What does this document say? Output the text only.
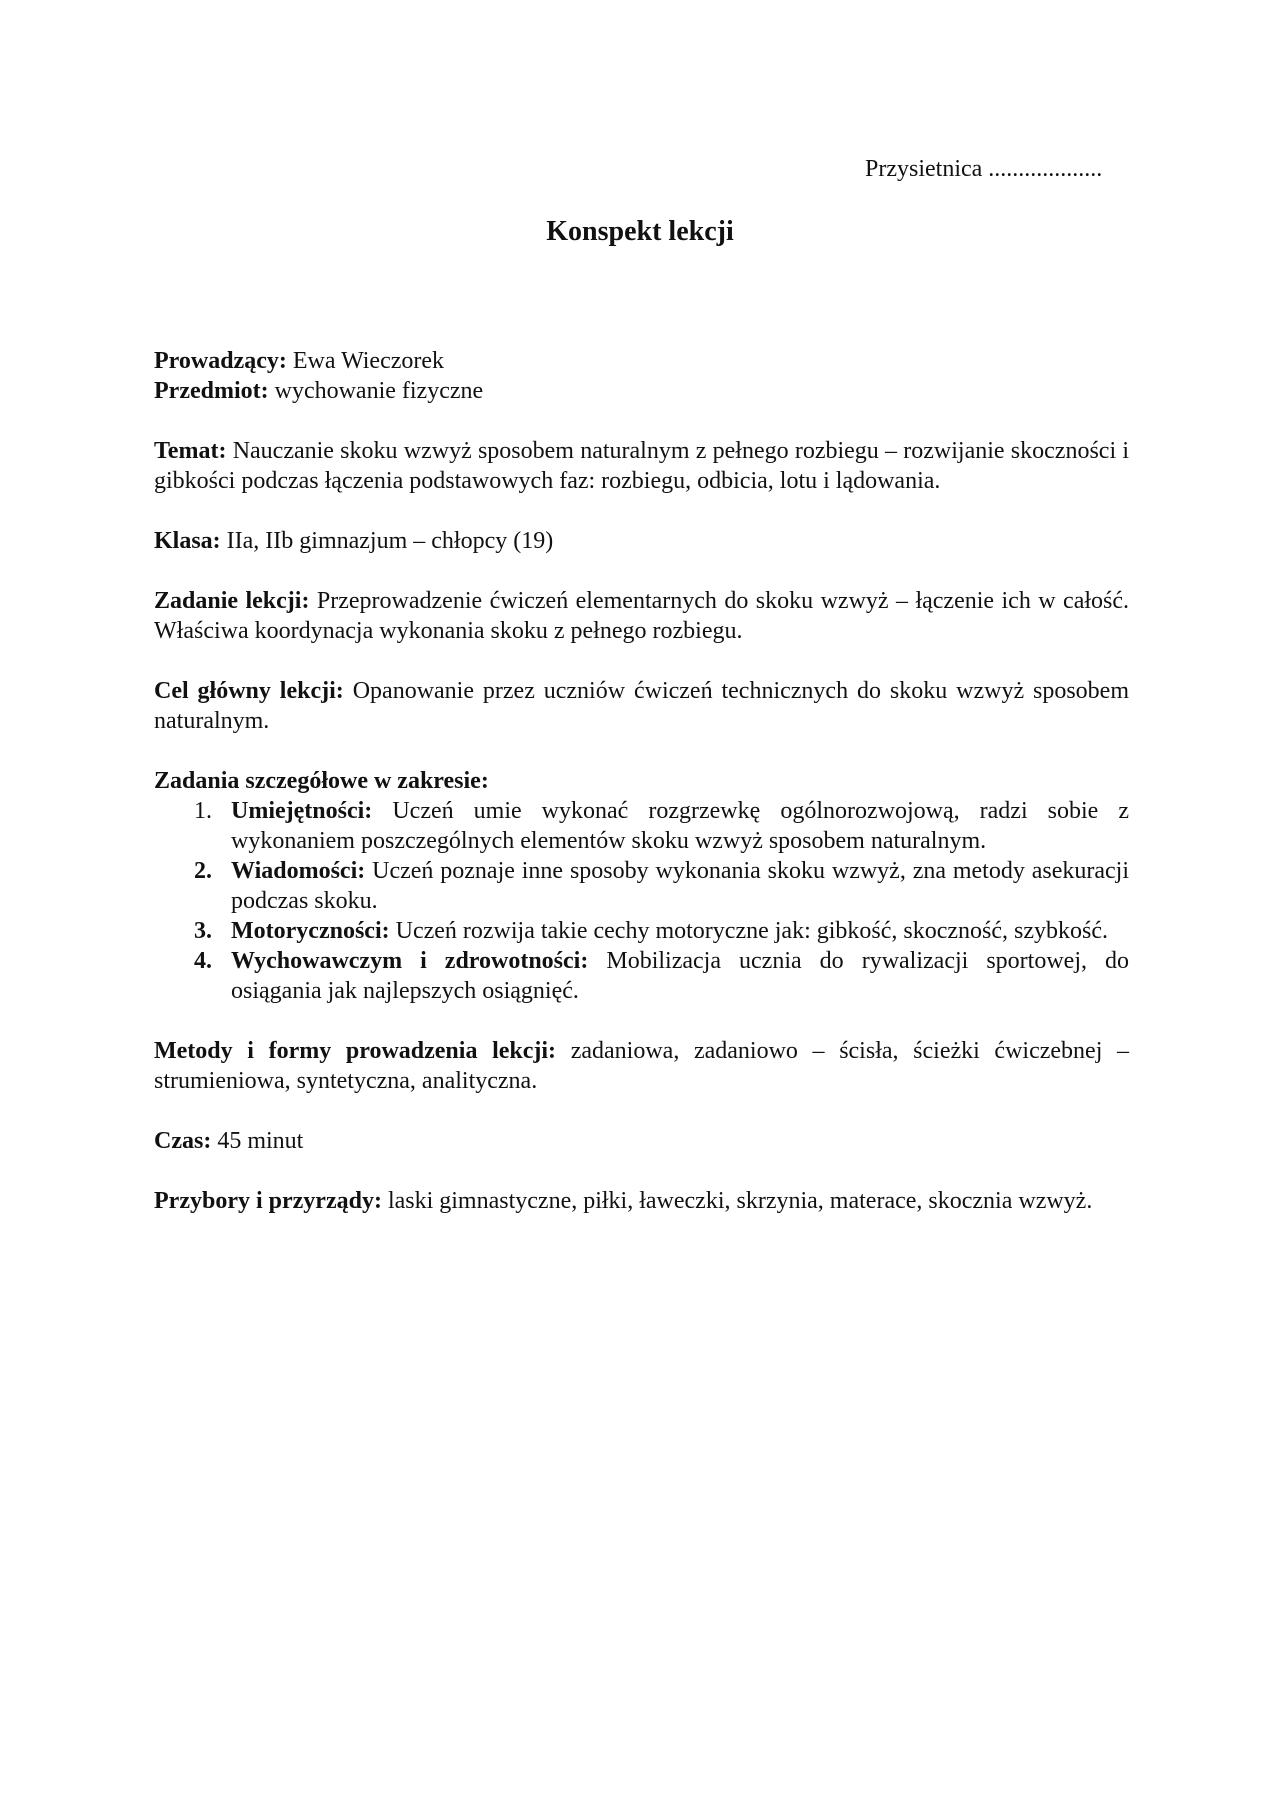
Przysietnica ...................
Konspekt lekcji

Prowadzący: Ewa Wieczorek

Przedmiot: wychowanie fizyczne

Temat: Nauczanie skoku wzwyż sposobem naturalnym z pełnego rozbiegu – rozwijanie skoczności i gibkości podczas łączenia podstawowych faz: rozbiegu, odbicia, lotu i lądowania.

Klasa: IIa, IIb gimnazjum – chłopcy (19)

Zadanie lekcji: Przeprowadzenie ćwiczeń elementarnych do skoku wzwyż – łączenie ich w całość. Właściwa koordynacja wykonania skoku z pełnego rozbiegu.

Cel główny lekcji: Opanowanie przez uczniów ćwiczeń technicznych do skoku wzwyż sposobem naturalnym.

Zadania szczegółowe w zakresie:

1. Umiejętności: Uczeń umie wykonać rozgrzewkę ogólnorozwojową, radzi sobie z wykonaniem poszczególnych elementów skoku wzwyż sposobem naturalnym.
2. Wiadomości: Uczeń poznaje inne sposoby wykonania skoku wzwyż, zna metody asekuracji podczas skoku.
3. Motoryczności: Uczeń rozwija takie cechy motoryczne jak: gibkość, skoczność, szybkość.
4. Wychowawczym i zdrowotności: Mobilizacja ucznia do rywalizacji sportowej, do osiągania jak najlepszych osiągnięć.

Metody i formy prowadzenia lekcji: zadaniowa, zadaniowo – ścisła, ścieżki ćwiczebnej – strumieniowa, syntetyczna, analityczna.

Czas: 45 minut

Przybory i przyrządy: laski gimnastyczne, piłki, ławeczki, skrzynia, materace, skocznia wzwyż.
